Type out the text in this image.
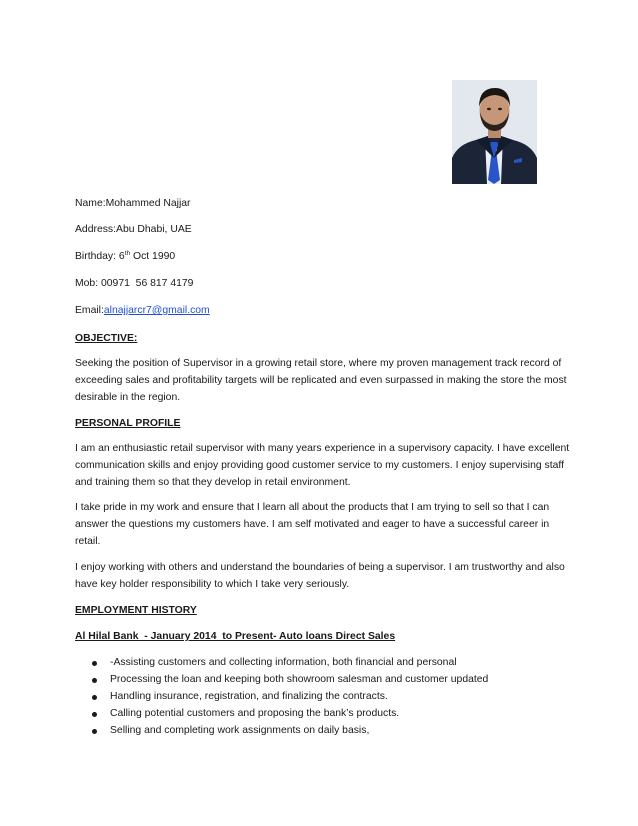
Name:Mohammed Najjar
Address:Abu Dhabi, UAE
Birthday: 6th Oct 1990
Mob: 00971  56 817 4179
Email:alnajjarcr7@gmail.com
OBJECTIVE:
Seeking the position of Supervisor in a growing retail store, where my proven management track record of exceeding sales and profitability targets will be replicated and even surpassed in making the store the most desirable in the region.
PERSONAL PROFILE
I am an enthusiastic retail supervisor with many years experience in a supervisory capacity. I have excellent communication skills and enjoy providing good customer service to my customers. I enjoy supervising staff and training them so that they develop in retail environment.
I take pride in my work and ensure that I learn all about the products that I am trying to sell so that I can answer the questions my customers have. I am self motivated and eager to have a successful career in retail.
I enjoy working with others and understand the boundaries of being a supervisor. I am trustworthy and also have key holder responsibility to which I take very seriously.
EMPLOYMENT HISTORY
Al Hilal Bank  - January 2014  to Present- Auto loans Direct Sales
-Assisting customers and collecting information, both financial and personal
Processing the loan and keeping both showroom salesman and customer updated
Handling insurance, registration, and finalizing the contracts.
Calling potential customers and proposing the bank’s products.
Selling and completing work assignments on daily basis,
